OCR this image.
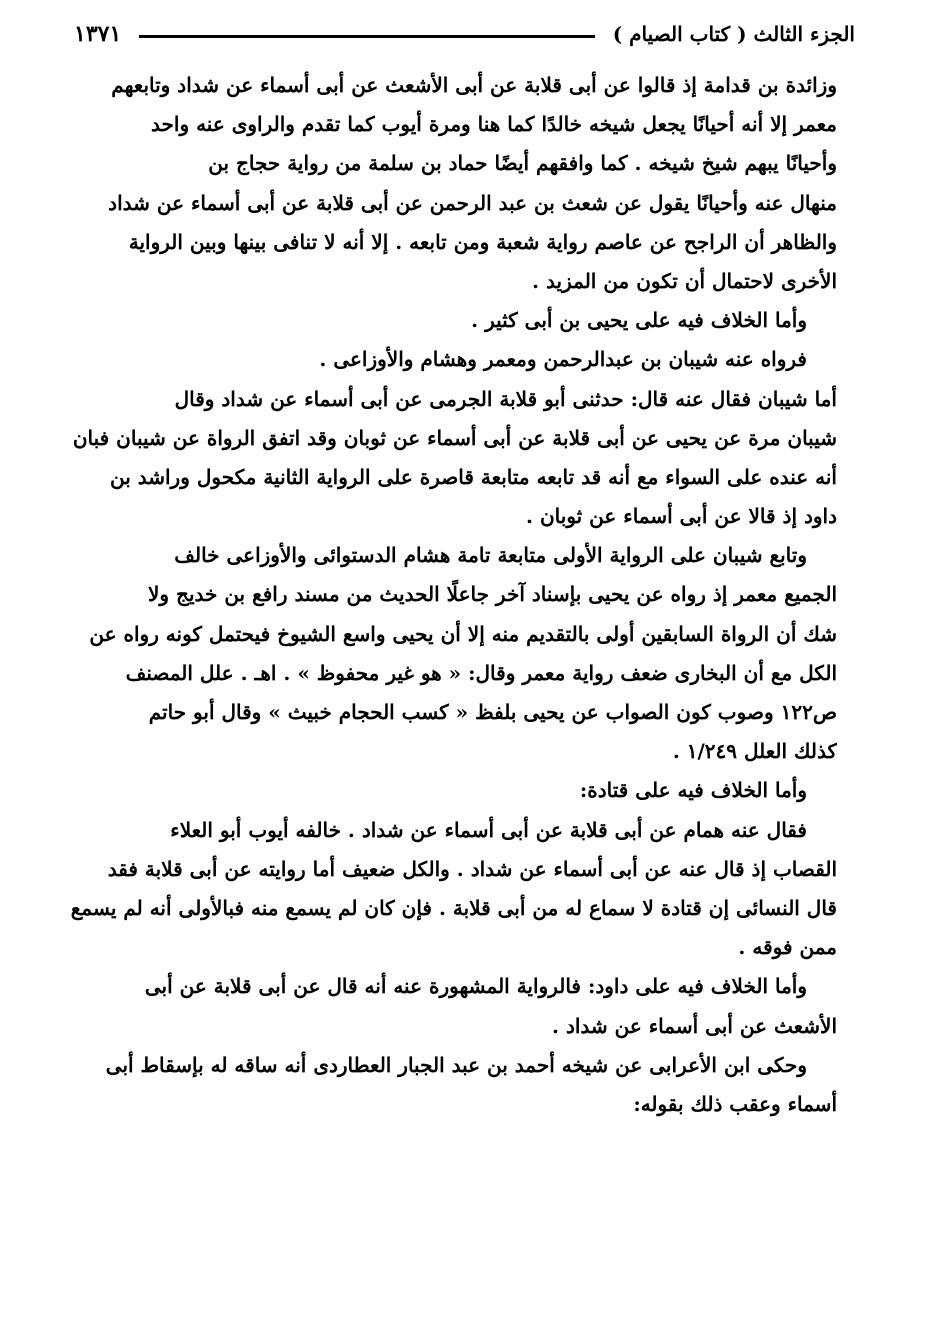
١٣٧١	الجزء الثالث ( كتاب الصيام )
وزائدة بن قدامة إذ قالوا عن أبى قلابة عن أبى الأشعث عن أبى أسماء عن شداد وتابعهم
معمر إلا أنه أحيانًا يجعل شيخه خالدًا كما هنا ومرة أيوب كما تقدم والراوى عنه واحد
وأحيانًا يبهم شيخ شيخه . كما وافقهم أيضًا حماد بن سلمة من رواية حجاج بن
منهال عنه وأحيانًا يقول عن شعث بن عبد الرحمن عن أبى قلابة عن أبى أسماء عن شداد
والظاهر أن الراجح عن عاصم رواية شعبة ومن تابعه . إلا أنه لا تنافى بينها وبين الرواية
الأخرى لاحتمال أن تكون من المزيد .
وأما الخلاف فيه على يحيى بن أبى كثير .
فرواه عنه شيبان بن عبدالرحمن ومعمر وهشام والأوزاعى .
أما شيبان فقال عنه قال: حدثنى أبو قلابة الجرمى عن أبى أسماء عن شداد وقال
شيبان مرة عن يحيى عن أبى قلابة عن أبى أسماء عن ثوبان وقد اتفق الرواة عن شيبان فبان
أنه عنده على السواء مع أنه قد تابعه متابعة قاصرة على الرواية الثانية مكحول وراشد بن
داود إذ قالا عن أبى أسماء عن ثوبان .
وتابع شيبان على الرواية الأولى متابعة تامة هشام الدستوائى والأوزاعى خالف
الجميع معمر إذ رواه عن يحيى بإسناد آخر جاعلًا الحديث من مسند رافع بن خديج ولا
شك أن الرواة السابقين أولى بالتقديم منه إلا أن يحيى واسع الشيوخ فيحتمل كونه رواه عن
الكل مع أن البخارى ضعف رواية معمر وقال: « هو غير محفوظ » . اهـ . علل المصنف
ص١٢٢ وصوب كون الصواب عن يحيى بلفظ « كسب الحجام خبيث » وقال أبو حاتم
كذلك العلل ١/٢٤٩ .
وأما الخلاف فيه على قتادة:
فقال عنه همام عن أبى قلابة عن أبى أسماء عن شداد . خالفه أيوب أبو العلاء
القصاب إذ قال عنه عن أبى أسماء عن شداد . والكل ضعيف أما روايته عن أبى قلابة فقد
قال النسائى إن قتادة لا سماع له من أبى قلابة . فإن كان لم يسمع منه فبالأولى أنه لم يسمع
ممن فوقه .
وأما الخلاف فيه على داود: فالرواية المشهورة عنه أنه قال عن أبى قلابة عن أبى
الأشعث عن أبى أسماء عن شداد .
وحكى ابن الأعرابى عن شيخه أحمد بن عبد الجبار العطاردى أنه ساقه له بإسقاط أبى
أسماء وعقب ذلك بقوله:
